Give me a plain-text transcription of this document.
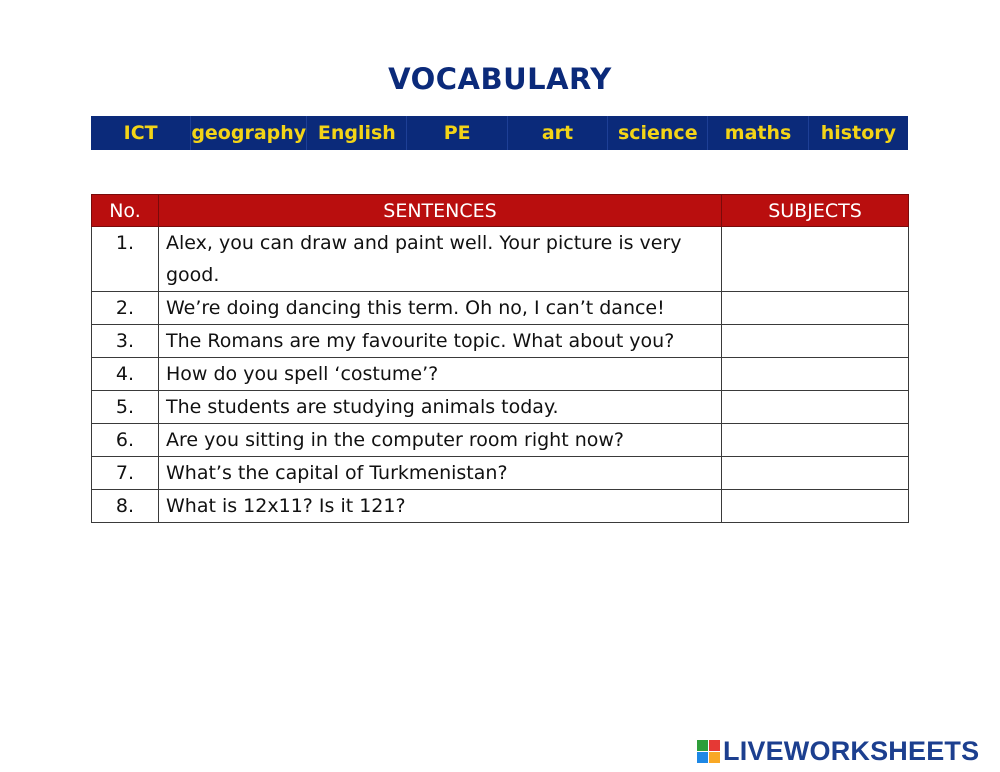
VOCABULARY
ICT	geography English	PE	art	science	maths	history
No.	SENTENCES	SUBJECTS
1.	Alex, you can draw and paint well. Your picture is very good.	
2.	We’re doing dancing this term. Oh no, I can’t dance!	
3.	The Romans are my favourite topic. What about you?	
4.	How do you spell ‘costume’?	
5.	The students are studying animals today.	
6.	Are you sitting in the computer room right now?	
7.	What’s the capital of Turkmenistan?	
8.	What is 12x11? Is it 121?	
LIVEWORKSHEETS
